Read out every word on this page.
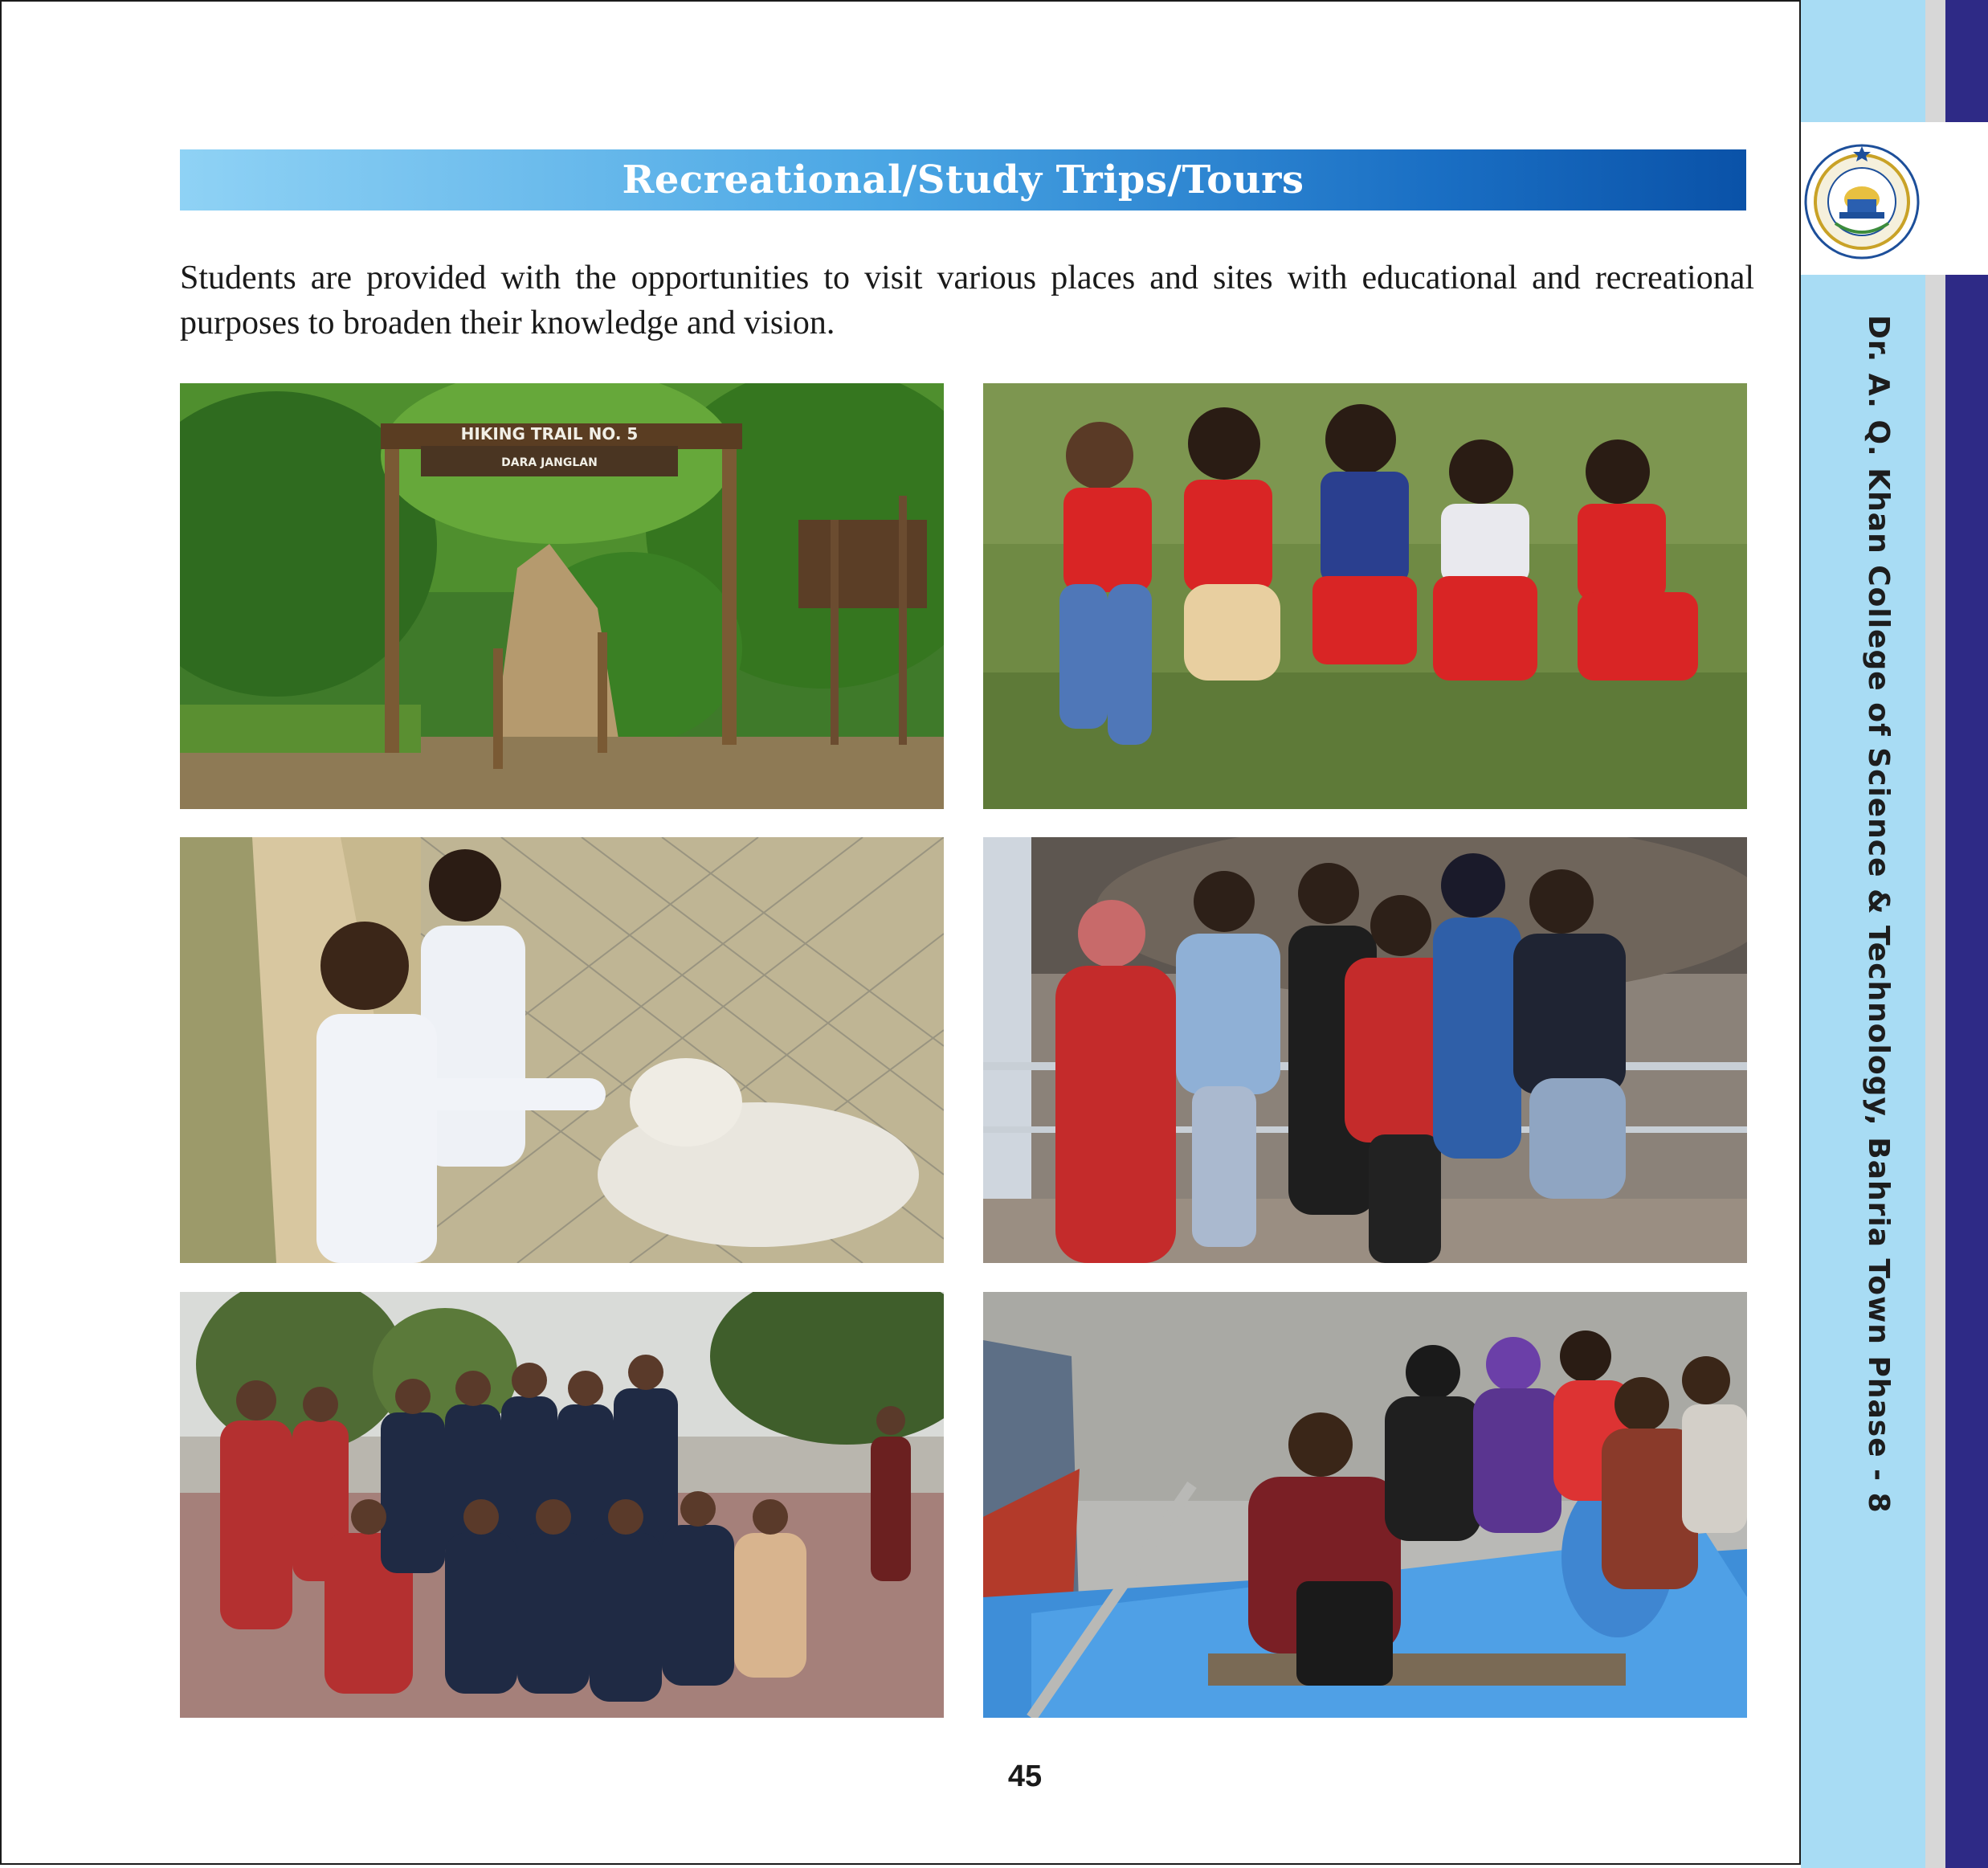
Recreational/Study Trips/Tours
Students are provided with the opportunities to visit various places and sites with educational and recreational purposes to broaden their knowledge and vision.
HIKING TRAIL NO. 5
DARA JANGLAN
45
Dr. A. Q. Khan College of Science & Technology, Bahria Town Phase - 8
